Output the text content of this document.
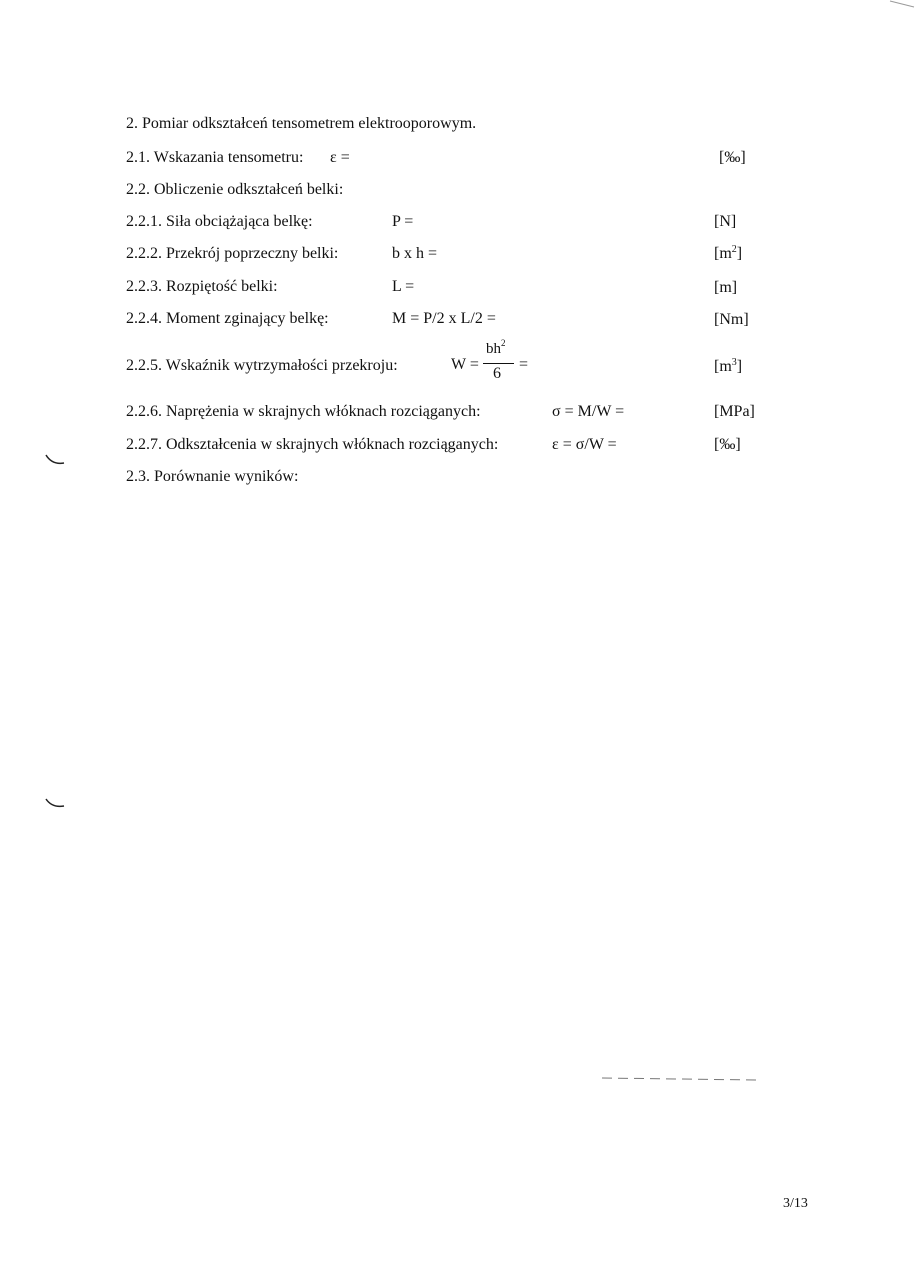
2. Pomiar odkształceń tensometrem elektrooporowym.
2.1. Wskazania tensometru: ε =	[‰]
2.2. Obliczenie odkształceń belki:
2.2.1. Siła obciążająca belkę:	P =	[N]
2.2.2. Przekrój poprzeczny belki:	b x h =	$[m^2]$
2.2.3. Rozpiętość belki:	L =	[m]
2.2.4. Moment zginający belkę:	M = P/2 x L/2 =	[Nm]
2.2.5. Wskaźnik wytrzymałości przekroju:	W =
$bh^2$
6
=	$[m^3]$
2.2.6. Naprężenia w skrajnych włóknach rozciąganych:	σ = M/W =	[MPa]
2.2.7. Odkształcenia w skrajnych włóknach rozciąganych:	ε = σ/W =	[‰]
2.3. Porównanie wyników:
3/13
